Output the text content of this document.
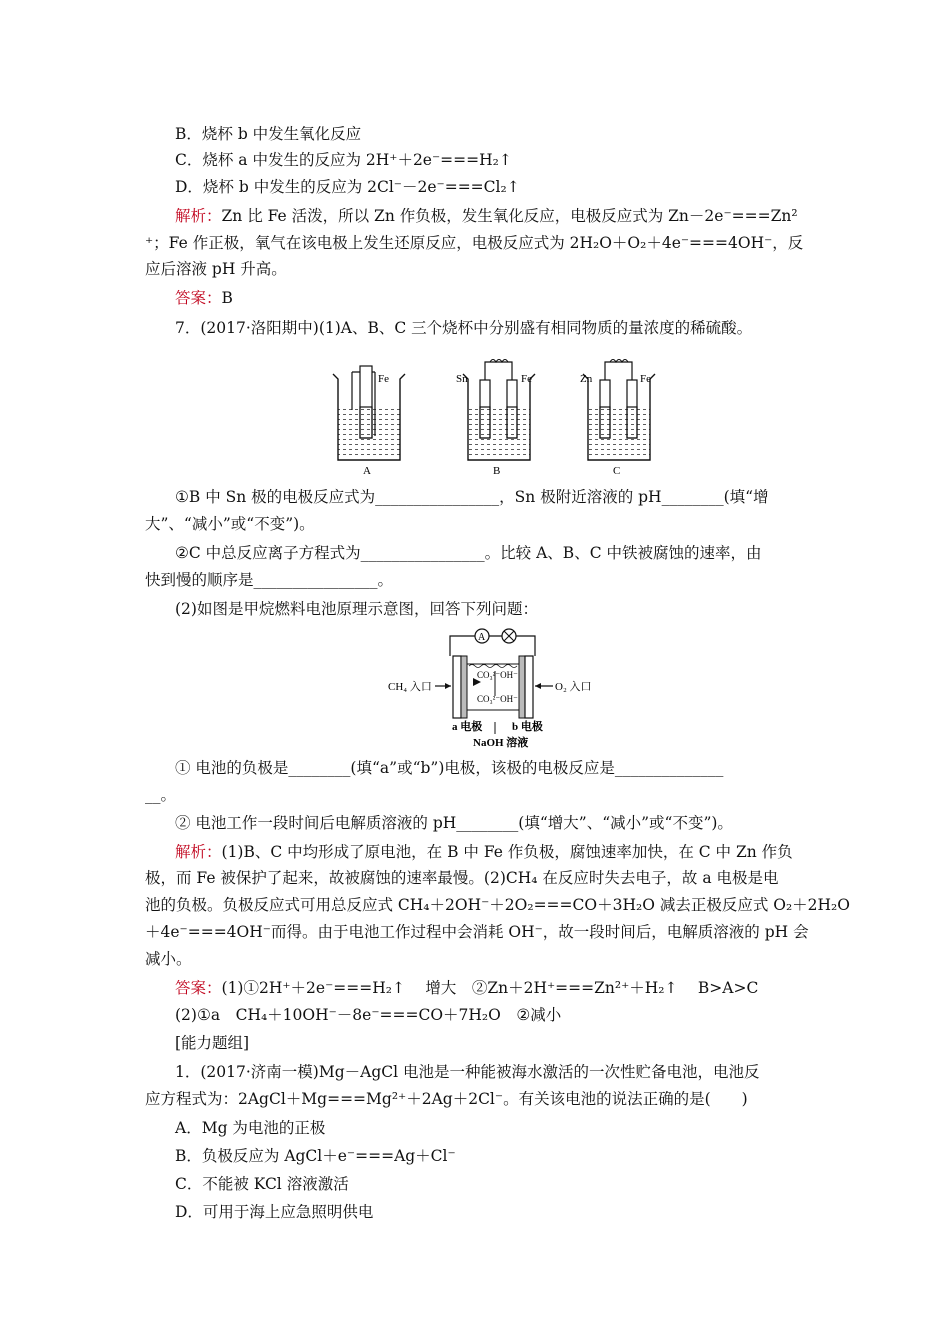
B．烧杯 b 中发生氧化反应
C．烧杯 a 中发生的反应为 2H⁺＋2e⁻===H₂↑
D．烧杯 b 中发生的反应为 2Cl⁻－2e⁻===Cl₂↑
解析：Zn 比 Fe 活泼，所以 Zn 作负极，发生氧化反应，电极反应式为 Zn－2e⁻===Zn²
⁺；Fe 作正极，氧气在该电极上发生还原反应，电极反应式为 2H₂O＋O₂＋4e⁻===4OH⁻，反
应后溶液 pH 升高。
答案：B
7．(2017·洛阳期中)(1)A、B、C 三个烧杯中分别盛有相同物质的量浓度的稀硫酸。
Fe
A
Sn	Fe
B
Zn	Fe
C
①B 中 Sn 极的电极反应式为________________，Sn 极附近溶液的 pH________(填“增
大”、“减小”或“不变”)。
②C 中总反应离子方程式为________________。比较 A、B、C 中铁被腐蚀的速率，由
快到慢的顺序是________________。
(2)如图是甲烷燃料电池原理示意图，回答下列问题：
A
CO₃²⁻OH⁻
CO₃²⁻OH⁻
CH₄ 入口	O₂ 入口
a 电极	b 电极
NaOH 溶液
① 电池的负极是________(填“a”或“b”)电极，该极的电极反应是______________
__。
② 电池工作一段时间后电解质溶液的 pH________(填“增大”、“减小”或“不变”)。
解析：(1)B、C 中均形成了原电池，在 B 中 Fe 作负极，腐蚀速率加快，在 C 中 Zn 作负
极，而 Fe 被保护了起来，故被腐蚀的速率最慢。(2)CH₄ 在反应时失去电子，故 a 电极是电
池的负极。负极反应式可用总反应式 CH₄＋2OH⁻＋2O₂===CO＋3H₂O 减去正极反应式 O₂＋2H₂O
＋4e⁻===4OH⁻而得。由于电池工作过程中会消耗 OH⁻，故一段时间后，电解质溶液的 pH 会
减小。
答案：(1)①2H⁺＋2e⁻===H₂↑　 增大　②Zn＋2H⁺===Zn²⁺＋H₂↑　 B>A>C
(2)①a　CH₄＋10OH⁻－8e⁻===CO＋7H₂O　②减小
[能力题组]
1．(2017·济南一模)Mg－AgCl 电池是一种能被海水激活的一次性贮备电池，电池反
应方程式为：2AgCl＋Mg===Mg²⁺＋2Ag＋2Cl⁻。有关该电池的说法正确的是(　　)
A．Mg 为电池的正极
B．负极反应为 AgCl＋e⁻===Ag＋Cl⁻
C．不能被 KCl 溶液激活
D．可用于海上应急照明供电
